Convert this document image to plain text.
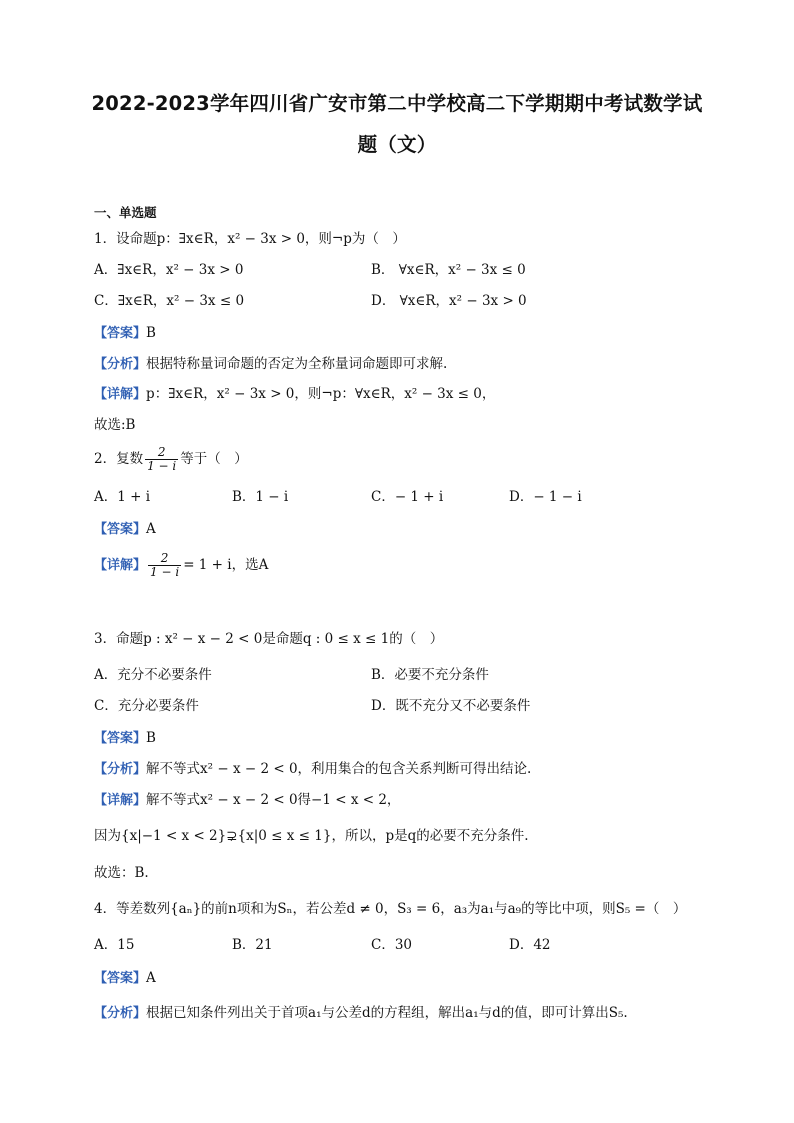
2022-2023学年四川省广安市第二中学校高二下学期期中考试数学试
题（文）
一、单选题
1．设命题p：∃x∈R，x² − 3x > 0，则¬p为（　）
A．∃x∈R，x² − 3x > 0	B． ∀x∈R，x² − 3x ≤ 0
C．∃x∈R，x² − 3x ≤ 0	D． ∀x∈R，x² − 3x > 0
【答案】B
【分析】根据特称量词命题的否定为全称量词命题即可求解.
【详解】p：∃x∈R，x² − 3x > 0，则¬p：∀x∈R，x² − 3x ≤ 0，
故选:B
2．复数 $\frac{2}{1 - i}$ 等于（　）
A．1 + i	B．1 − i	C．− 1 + i	D．− 1 − i
【答案】A
【详解】 $\frac{2}{1 - i} = 1 + i$，选A
3．命题p : x² − x − 2 < 0是命题q : 0 ≤ x ≤ 1的（　）
A．充分不必要条件	B．必要不充分条件
C．充分必要条件	D．既不充分又不必要条件
【答案】B
【分析】解不等式x² − x − 2 < 0，利用集合的包含关系判断可得出结论.
【详解】解不等式x² − x − 2 < 0得−1 < x < 2，
因为{x|−1 < x < 2}⊋{x|0 ≤ x ≤ 1}，所以，p是q的必要不充分条件.
故选：B.
4．等差数列{aₙ}的前n项和为Sₙ，若公差d ≠ 0，S₃ = 6，a₃为a₁与a₉的等比中项，则S₅ =（　）
A．15	B．21	C．30	D．42
【答案】A
【分析】根据已知条件列出关于首项a₁与公差d的方程组，解出a₁与d的值，即可计算出S₅.
